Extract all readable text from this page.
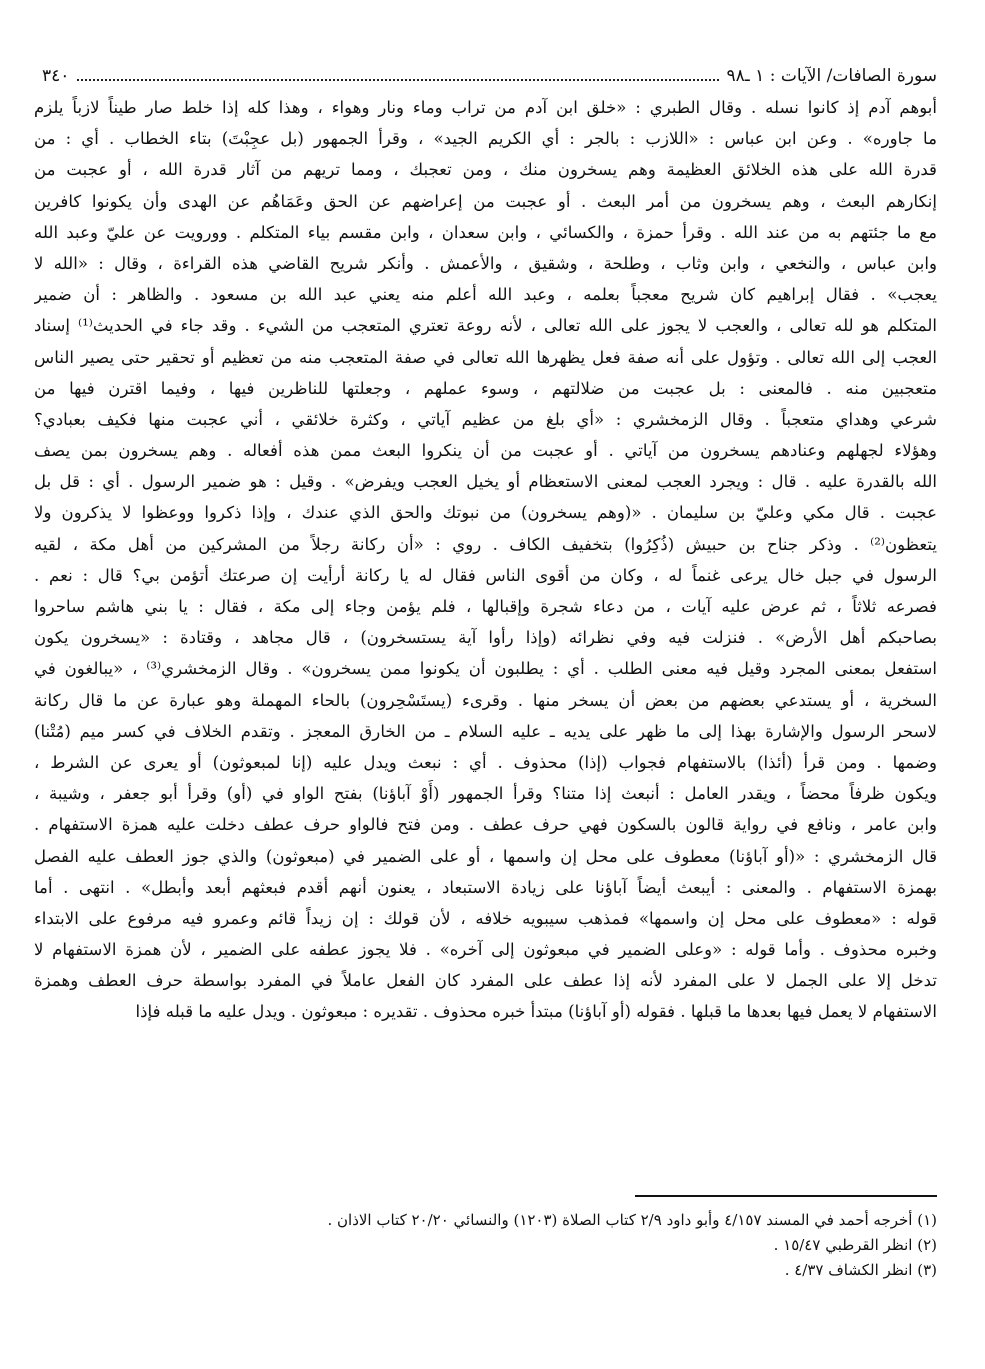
سورة الصافات/ الآيات : ١ ـ٩٨
٣٤٠
أبوهم آدم إذ كانوا نسله . وقال الطبري : «خلق ابن آدم من تراب وماء ونار وهواء ، وهذا كله إذا خلط صار طيناً لازباً يلزم
ما جاوره» . وعن ابن عباس : «اللازب : بالجر : أي الكريم الجيد» ، وقرأ الجمهور (بل عجِبْتَ) بتاء الخطاب . أي : من
قدرة الله على هذه الخلائق العظيمة وهم يسخرون منك ، ومن تعجبك ، ومما تريهم من آثار قدرة الله ، أو عجبت من
إنكارهم البعث ، وهم يسخرون من أمر البعث . أو عجبت من إعراضهم عن الحق وعَمَاهُم عن الهدى وأن يكونوا كافرين
مع ما جئتهم به من عند الله . وقرأ حمزة ، والكسائي ، وابن سعدان ، وابن مقسم بياء المتكلم . وورويت عن عليّ وعبد الله
وابن عباس ، والنخعي ، وابن وثاب ، وطلحة ، وشقيق ، والأعمش . وأنكر شريح القاضي هذه القراءة ، وقال : «الله لا
يعجب» . فقال إبراهيم كان شريح معجباً بعلمه ، وعبد الله أعلم منه يعني عبد الله بن مسعود . والظاهر : أن ضمير
المتكلم هو لله تعالى ، والعجب لا يجوز على الله تعالى ، لأنه روعة تعتري المتعجب من الشيء . وقد جاء في الحديث⁽¹⁾ إسناد
العجب إلى الله تعالى . وتؤول على أنه صفة فعل يظهرها الله تعالى في صفة المتعجب منه من تعظيم أو تحقير حتى يصير الناس
متعجبين منه . فالمعنى : بل عجبت من ضلالتهم ، وسوء عملهم ، وجعلتها للناظرين فيها ، وفيما اقترن فيها من
شرعي وهداي متعجباً . وقال الزمخشري : «أي بلغ من عظيم آياتي ، وكثرة خلائقي ، أني عجبت منها فكيف بعبادي؟
وهؤلاء لجهلهم وعنادهم يسخرون من آياتي . أو عجبت من أن ينكروا البعث ممن هذه أفعاله . وهم يسخرون بمن يصف
الله بالقدرة عليه . قال : ويجرد العجب لمعنى الاستعظام أو يخيل العجب ويفرض» . وقيل : هو ضمير الرسول . أي : قل بل
عجبت . قال مكي وعليّ بن سليمان . «(وهم يسخرون) من نبوتك والحق الذي عندك ، وإذا ذكروا ووعظوا لا يذكرون ولا
يتعظون⁽²⁾ . وذكر جناح بن حبيش (ذُكِرُوا) بتخفيف الكاف . روي : «أن ركانة رجلاً من المشركين من أهل مكة ، لقيه
الرسول في جبل خال يرعى غنماً له ، وكان من أقوى الناس فقال له يا ركانة أرأيت إن صرعتك أتؤمن بي؟ قال : نعم .
فصرعه ثلاثاً ، ثم عرض عليه آيات ، من دعاء شجرة وإقبالها ، فلم يؤمن وجاء إلى مكة ، فقال : يا بني هاشم ساحروا
بصاحبكم أهل الأرض» . فنزلت فيه وفي نظرائه (وإذا رأوا آية يستسخرون) ، قال مجاهد ، وقتادة : «يسخرون يكون
استفعل بمعنى المجرد وقيل فيه معنى الطلب . أي : يطلبون أن يكونوا ممن يسخرون» . وقال الزمخشري⁽³⁾ ، «يبالغون في
السخرية ، أو يستدعي بعضهم من بعض أن يسخر منها . وقرىء (يستَسْحِرون) بالحاء المهملة وهو عبارة عن ما قال ركانة
لاسحر الرسول والإشارة بهذا إلى ما ظهر على يديه ـ عليه السلام ـ من الخارق المعجز . وتقدم الخلاف في كسر ميم (مُتْنا)
وضمها . ومن قرأ (أئذا) بالاستفهام فجواب (إذا) محذوف . أي : نبعث ويدل عليه (إنا لمبعوثون) أو يعرى عن الشرط ،
ويكون ظرفاً محضاً ، ويقدر العامل : أنبعث إذا متنا؟ وقرأ الجمهور (أَوْ آباؤنا) بفتح الواو في (أو) وقرأ أبو جعفر ، وشيبة ،
وابن عامر ، ونافع في رواية قالون بالسكون فهي حرف عطف . ومن فتح فالواو حرف عطف دخلت عليه همزة الاستفهام .
قال الزمخشري : «(أو آباؤنا) معطوف على محل إن واسمها ، أو على الضمير في (مبعوثون) والذي جوز العطف عليه الفصل
بهمزة الاستفهام . والمعنى : أيبعث أيضاً آباؤنا على زيادة الاستبعاد ، يعنون أنهم أقدم فبعثهم أبعد وأبطل» . انتهى . أما
قوله : «معطوف على محل إن واسمها» فمذهب سيبويه خلافه ، لأن قولك : إن زيداً قائم وعمرو فيه مرفوع على الابتداء
وخبره محذوف . وأما قوله : «وعلى الضمير في مبعوثون إلى آخره» . فلا يجوز عطفه على الضمير ، لأن همزة الاستفهام لا
تدخل إلا على الجمل لا على المفرد لأنه إذا عطف على المفرد كان الفعل عاملاً في المفرد بواسطة حرف العطف وهمزة
الاستفهام لا يعمل فيها بعدها ما قبلها . فقوله (أو آباؤنا) مبتدأ خبره محذوف . تقديره : مبعوثون . ويدل عليه ما قبله فإذا
(١) أخرجه أحمد في المسند ٤/١٥٧ وأبو داود ٢/٩ كتاب الصلاة (١٢٠٣) والنسائي ٢٠/٢٠ كتاب الاذان .
(٢) انظر القرطبي ١٥/٤٧ .
(٣) انظر الكشاف ٤/٣٧ .
